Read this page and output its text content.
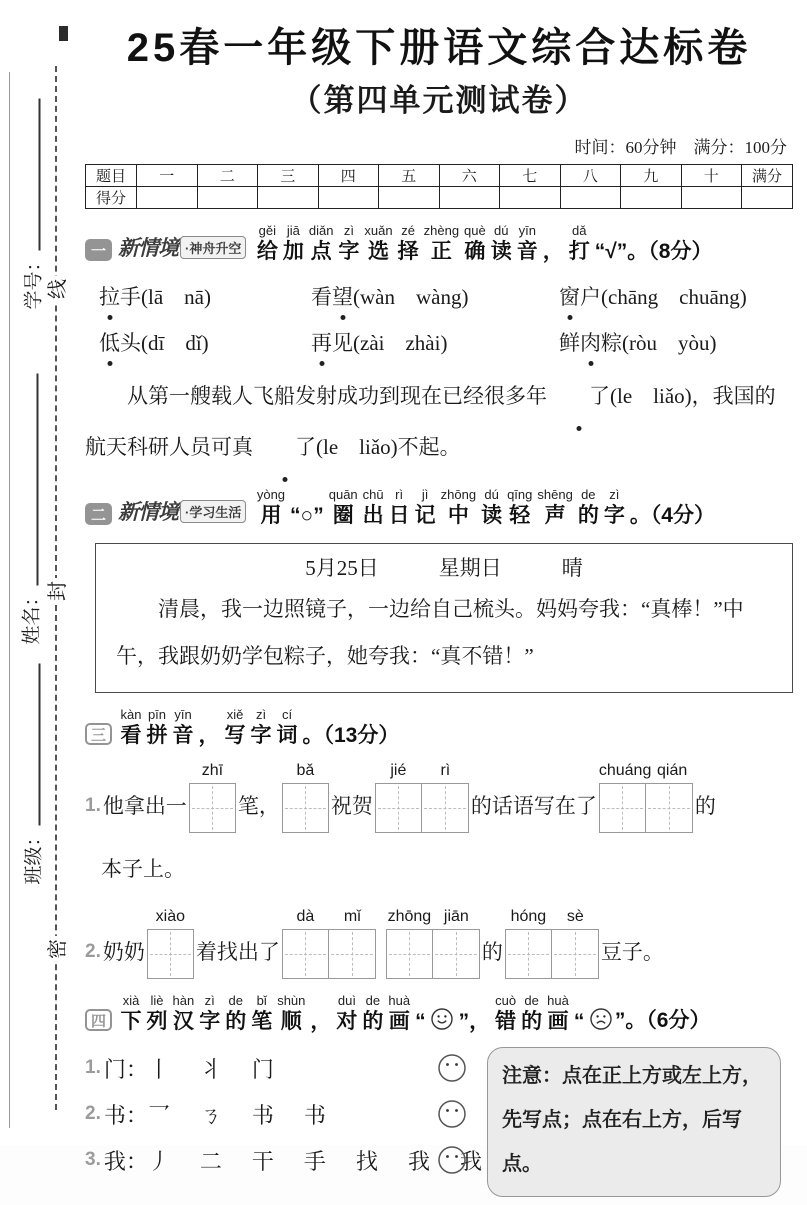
学号：
姓名：
班级：
线
封
密
25春一年级下册语文综合达标卷
（第四单元测试卷）
时间：60分钟　满分：100分
题目	一	二	三	四	五	六	七	八	九	十	满分
得分											
一 新情境 ·神舟升空
gěi
给
jiā
加
diǎn
点
zì
字
xuǎn
选
zé
择
zhèng
正
què
确
dú
读
yīn
音 ，
dǎ
打 “√”。（8分）
拉手(lā　nā)	看望(wàn　wàng)	窗户(chāng　chuāng)
低头(dī　dǐ)	再见(zài　zhài)	鲜肉粽(ròu　yòu)

从第一艘载人飞船发射成功到现在已经很多年 了(le　liǎo)，我国的航天科研人员可真 了(le　liǎo)不起。

二 新情境 ·学习生活
yòng
用 “○”
quān
圈
chū
出
rì
日
jì
记
zhōng
中
dú
读
qīng
轻
shēng
声
de
的
zì
字 。（4分）
5月25日	星期日	晴

清晨，我一边照镜子，一边给自己梳头。妈妈夸我：“真棒！”中午，我跟奶奶学包粽子，她夸我：“真不错！”

三
kàn
看
pīn
拼
yīn
音 ，
xiě
写
zì
字
cí
词 。（13分）
1. 他拿出一
zhī
笔，
bǎ
祝贺
jié	rì
的话语写在了
chuáng qián
的
本子上。
2. 奶奶
xiào
着找出了
dà	mǐ	zhōng jiān
的
hóng	sè
豆子。
四
xià
下
liè
列
hàn
汉
zì
字
de
的
bǐ
笔
shùn
顺 ，
duì
对
de
的
huà
画 “ ”，
cuò
错
de
的
huà
画 “ ”。（6分）
1. 门： 丨 丬 门
2. 书： 乛 ㄋ 书 书
3. 我： 丿 二 干 手 找 我 我
注意：点在正上方或左上方，先写点；点在右上方，后写点。
